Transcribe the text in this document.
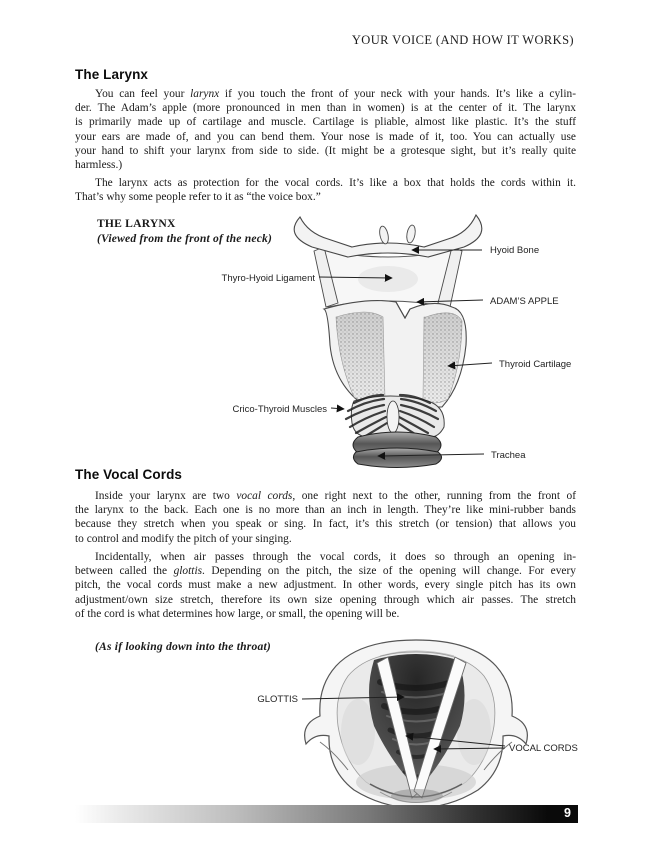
YOUR VOICE (AND HOW IT WORKS)
The Larynx
You can feel your larynx if you touch the front of your neck with your hands. It’s like a cylin-
der. The Adam’s apple (more pronounced in men than in women) is at the center of it. The larynx
is primarily made up of cartilage and muscle. Cartilage is pliable, almost like plastic. It’s the stuff
your ears are made of, and you can bend them. Your nose is made of it, too. You can actually use
your hand to shift your larynx from side to side. (It might be a grotesque sight, but it’s really quite
harmless.)
The larynx acts as protection for the vocal cords. It’s like a box that holds the cords within it.
That’s why some people refer to it as “the voice box.”
THE LARYNX
(Viewed from the front of the neck)
Hyoid Bone
Thyro-Hyoid Ligament
ADAM’S APPLE
Thyroid Cartilage
Crico-Thyroid Muscles
Trachea
The Vocal Cords
Inside your larynx are two vocal cords, one right next to the other, running from the front of
the larynx to the back. Each one is no more than an inch in length. They’re like mini-rubber bands
because they stretch when you speak or sing. In fact, it’s this stretch (or tension) that allows you
to control and modify the pitch of your singing.
Incidentally, when air passes through the vocal cords, it does so through an opening in-
between called the glottis. Depending on the pitch, the size of the opening will change. For every
pitch, the vocal cords must make a new adjustment. In other words, every single pitch has its own
adjustment/own size stretch, therefore its own size opening through which air passes. The stretch
of the cord is what determines how large, or small, the opening will be.
(As if looking down into the throat)
GLOTTIS
VOCAL CORDS
9
